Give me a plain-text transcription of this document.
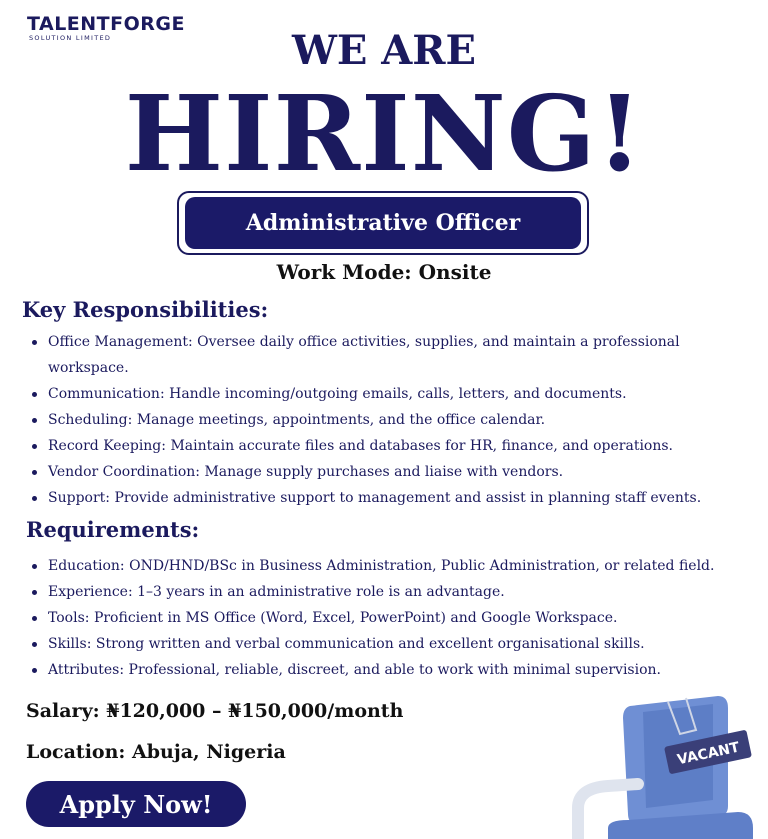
TALENTFORGE
SOLUTION LIMITED	WE ARE
HIRING!
Administrative Officer
Work Mode: Onsite
Key Responsibilities:
Office Management: Oversee daily office activities, supplies, and maintain a professional workspace.
Communication: Handle incoming/outgoing emails, calls, letters, and documents.
Scheduling: Manage meetings, appointments, and the office calendar.
Record Keeping: Maintain accurate files and databases for HR, finance, and operations.
Vendor Coordination: Manage supply purchases and liaise with vendors.
Support: Provide administrative support to management and assist in planning staff events.
Requirements:
Education: OND/HND/BSc in Business Administration, Public Administration, or related field.
Experience: 1–3 years in an administrative role is an advantage.
Tools: Proficient in MS Office (Word, Excel, PowerPoint) and Google Workspace.
Skills: Strong written and verbal communication and excellent organisational skills.
Attributes: Professional, reliable, discreet, and able to work with minimal supervision.
Salary: ₦120,000 – ₦150,000/month
Location: Abuja, Nigeria
Apply Now!
VACANT
